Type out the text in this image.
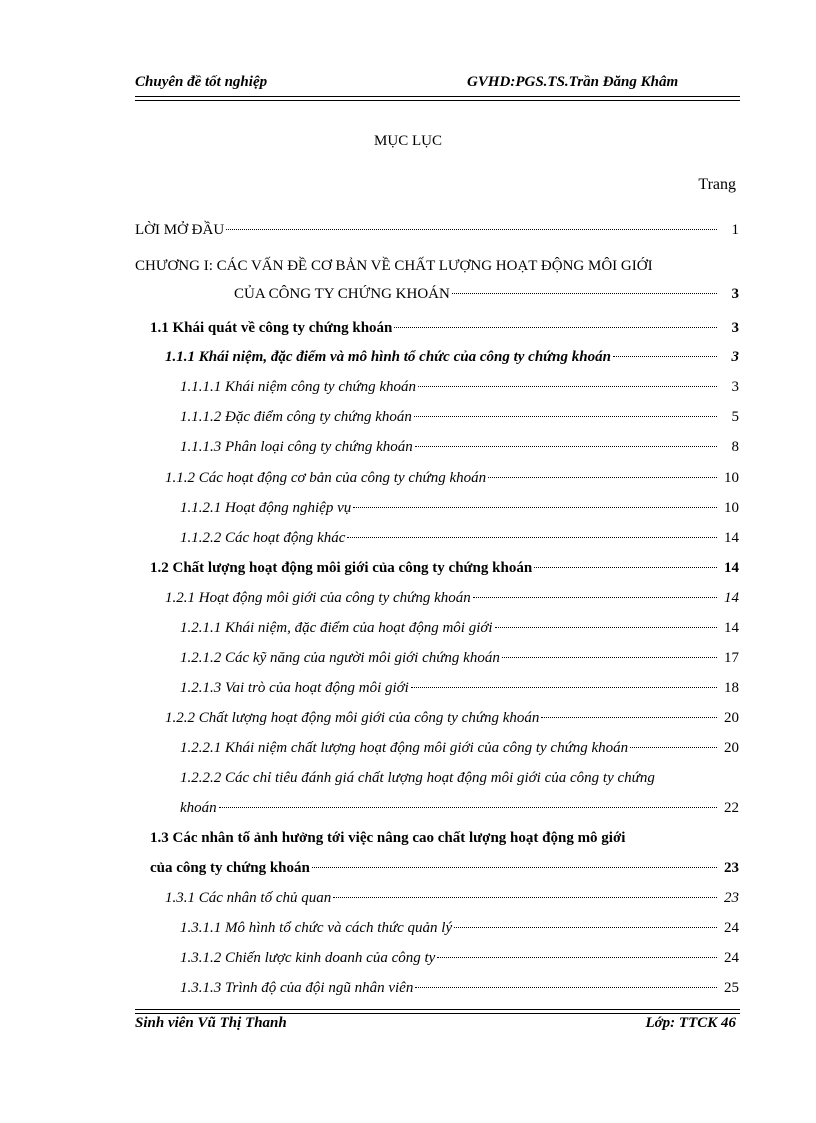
Chuyên đề tốt nghiệp	GVHD:PGS.TS.Trần Đăng Khâm
MỤC LỤC
Trang
LỜI MỞ ĐẦU	1
CHƯƠNG I: CÁC VẤN ĐỀ CƠ BẢN VỀ CHẤT LƯỢNG HOẠT ĐỘNG MÔI GIỚI
CỦA CÔNG TY CHỨNG KHOÁN	3
1.1 Khái quát về công ty chứng khoán	3
1.1.1 Khái niệm, đặc điểm và mô hình tổ chức của công ty chứng khoán	3
1.1.1.1 Khái niệm công ty chứng khoán	3
1.1.1.2 Đặc điểm công ty chứng khoán	5
1.1.1.3 Phân loại công ty chứng khoán	8
1.1.2 Các hoạt động cơ bản của công ty chứng khoán	10
1.1.2.1 Hoạt động nghiệp vụ	10
1.1.2.2 Các hoạt động khác	14
1.2 Chất lượng hoạt động môi giới của công ty chứng khoán	14
1.2.1 Hoạt động môi giới của công ty chứng khoán	14
1.2.1.1 Khái niệm, đặc điểm của hoạt động môi giới	14
1.2.1.2 Các kỹ năng của người môi giới chứng khoán	17
1.2.1.3 Vai trò của hoạt động môi giới	18
1.2.2 Chất lượng hoạt động môi giới của công ty chứng khoán	20
1.2.2.1 Khái niệm chất lượng hoạt động môi giới của công ty chứng khoán	20
1.2.2.2 Các chỉ tiêu đánh giá chất lượng hoạt động môi giới của công ty chứng
khoán	22
1.3 Các nhân tố ảnh hưởng tới việc nâng cao chất lượng hoạt động mô giới
của công ty chứng khoán	23
1.3.1 Các nhân tố chủ quan	23
1.3.1.1 Mô hình tổ chức và cách thức quản lý	24
1.3.1.2 Chiến lược kinh doanh của công ty	24
1.3.1.3 Trình độ của đội ngũ nhân viên	25
Sinh viên Vũ Thị Thanh	Lớp: TTCK 46
